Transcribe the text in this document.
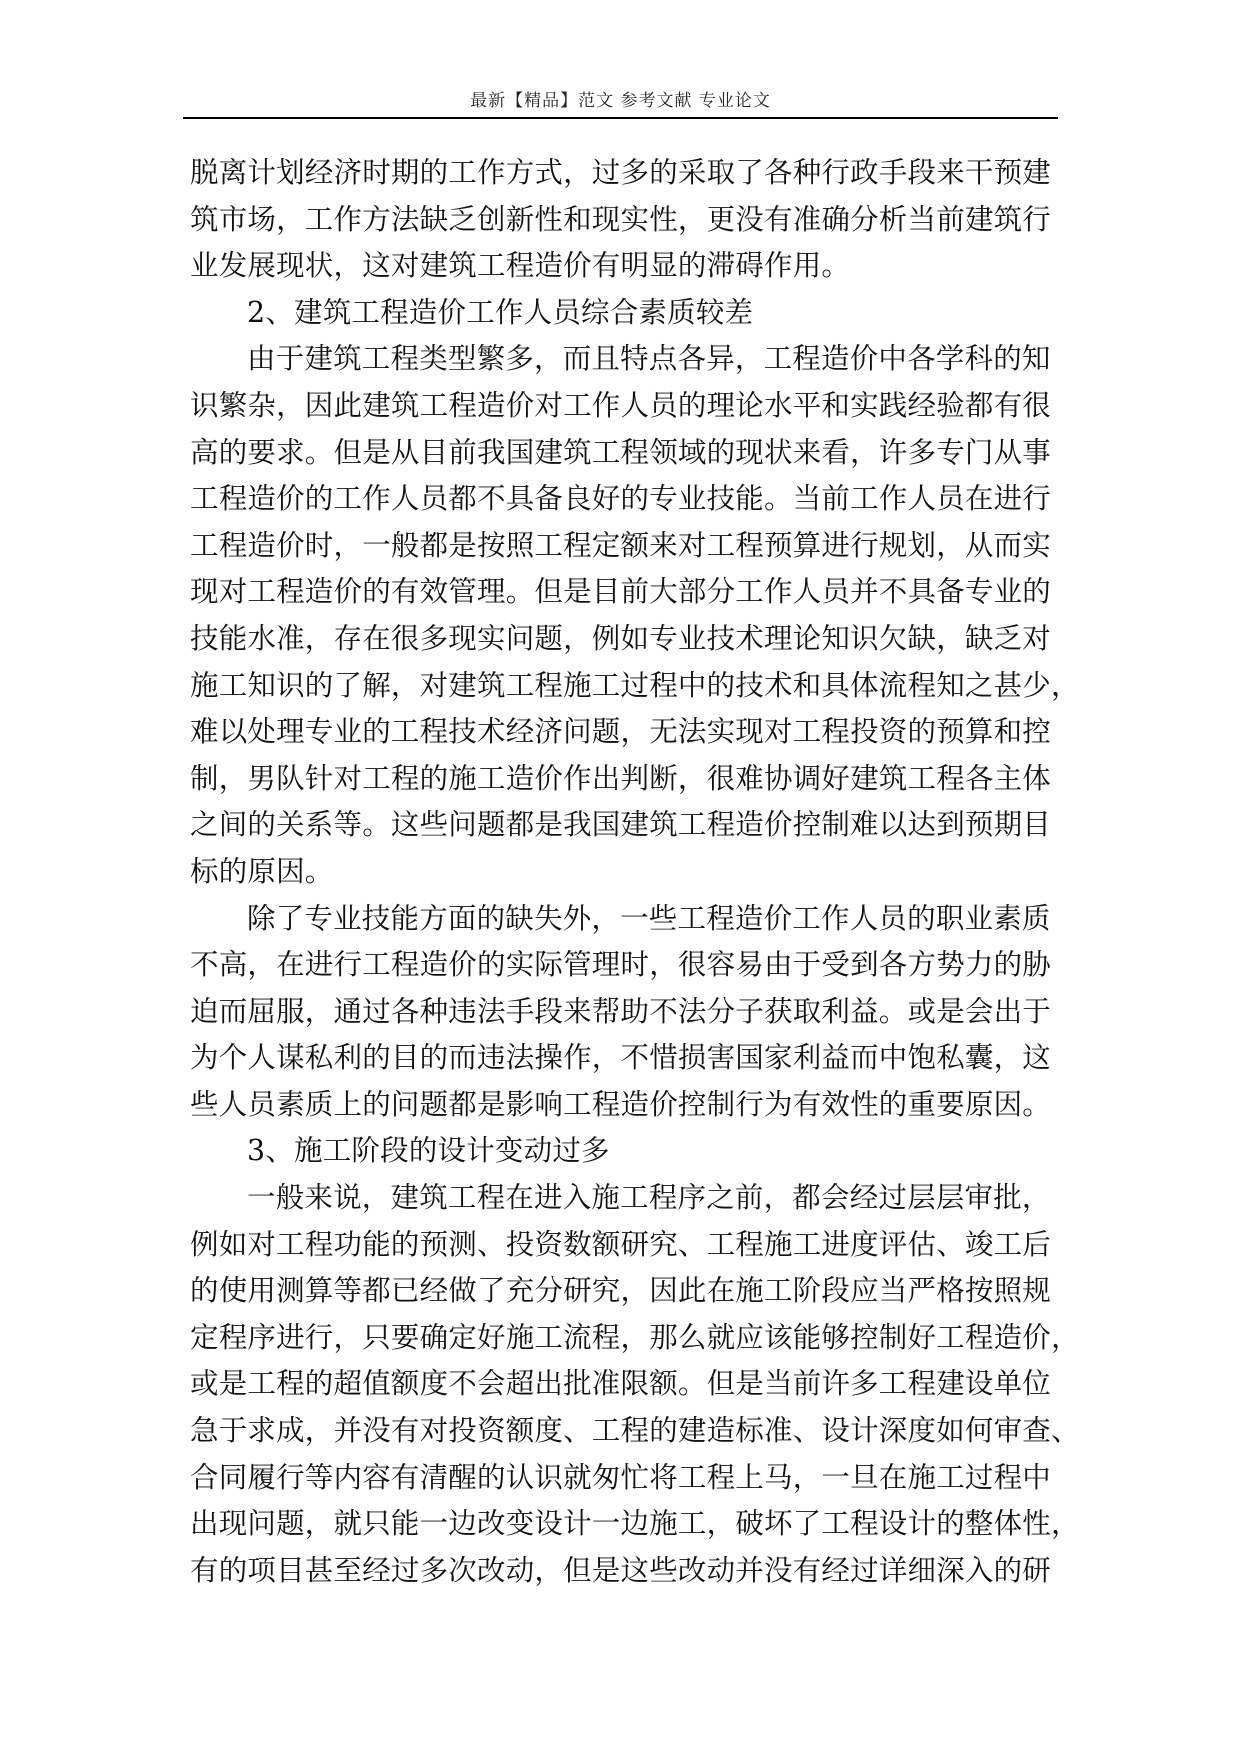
最新【精品】范文 参考文献 专业论文
脱离计划经济时期的工作方式，过多的采取了各种行政手段来干预建
筑市场，工作方法缺乏创新性和现实性，更没有准确分析当前建筑行
业发展现状，这对建筑工程造价有明显的滞碍作用。
2、建筑工程造价工作人员综合素质较差
由于建筑工程类型繁多，而且特点各异，工程造价中各学科的知
识繁杂，因此建筑工程造价对工作人员的理论水平和实践经验都有很
高的要求。但是从目前我国建筑工程领域的现状来看，许多专门从事
工程造价的工作人员都不具备良好的专业技能。当前工作人员在进行
工程造价时，一般都是按照工程定额来对工程预算进行规划，从而实
现对工程造价的有效管理。但是目前大部分工作人员并不具备专业的
技能水准，存在很多现实问题，例如专业技术理论知识欠缺，缺乏对
施工知识的了解，对建筑工程施工过程中的技术和具体流程知之甚少，
难以处理专业的工程技术经济问题，无法实现对工程投资的预算和控
制，男队针对工程的施工造价作出判断，很难协调好建筑工程各主体
之间的关系等。这些问题都是我国建筑工程造价控制难以达到预期目
标的原因。
除了专业技能方面的缺失外，一些工程造价工作人员的职业素质
不高，在进行工程造价的实际管理时，很容易由于受到各方势力的胁
迫而屈服，通过各种违法手段来帮助不法分子获取利益。或是会出于
为个人谋私利的目的而违法操作，不惜损害国家利益而中饱私囊，这
些人员素质上的问题都是影响工程造价控制行为有效性的重要原因。
3、施工阶段的设计变动过多
一般来说，建筑工程在进入施工程序之前，都会经过层层审批，
例如对工程功能的预测、投资数额研究、工程施工进度评估、竣工后
的使用测算等都已经做了充分研究，因此在施工阶段应当严格按照规
定程序进行，只要确定好施工流程，那么就应该能够控制好工程造价，
或是工程的超值额度不会超出批准限额。但是当前许多工程建设单位
急于求成，并没有对投资额度、工程的建造标准、设计深度如何审查、
合同履行等内容有清醒的认识就匆忙将工程上马，一旦在施工过程中
出现问题，就只能一边改变设计一边施工，破坏了工程设计的整体性，
有的项目甚至经过多次改动，但是这些改动并没有经过详细深入的研
